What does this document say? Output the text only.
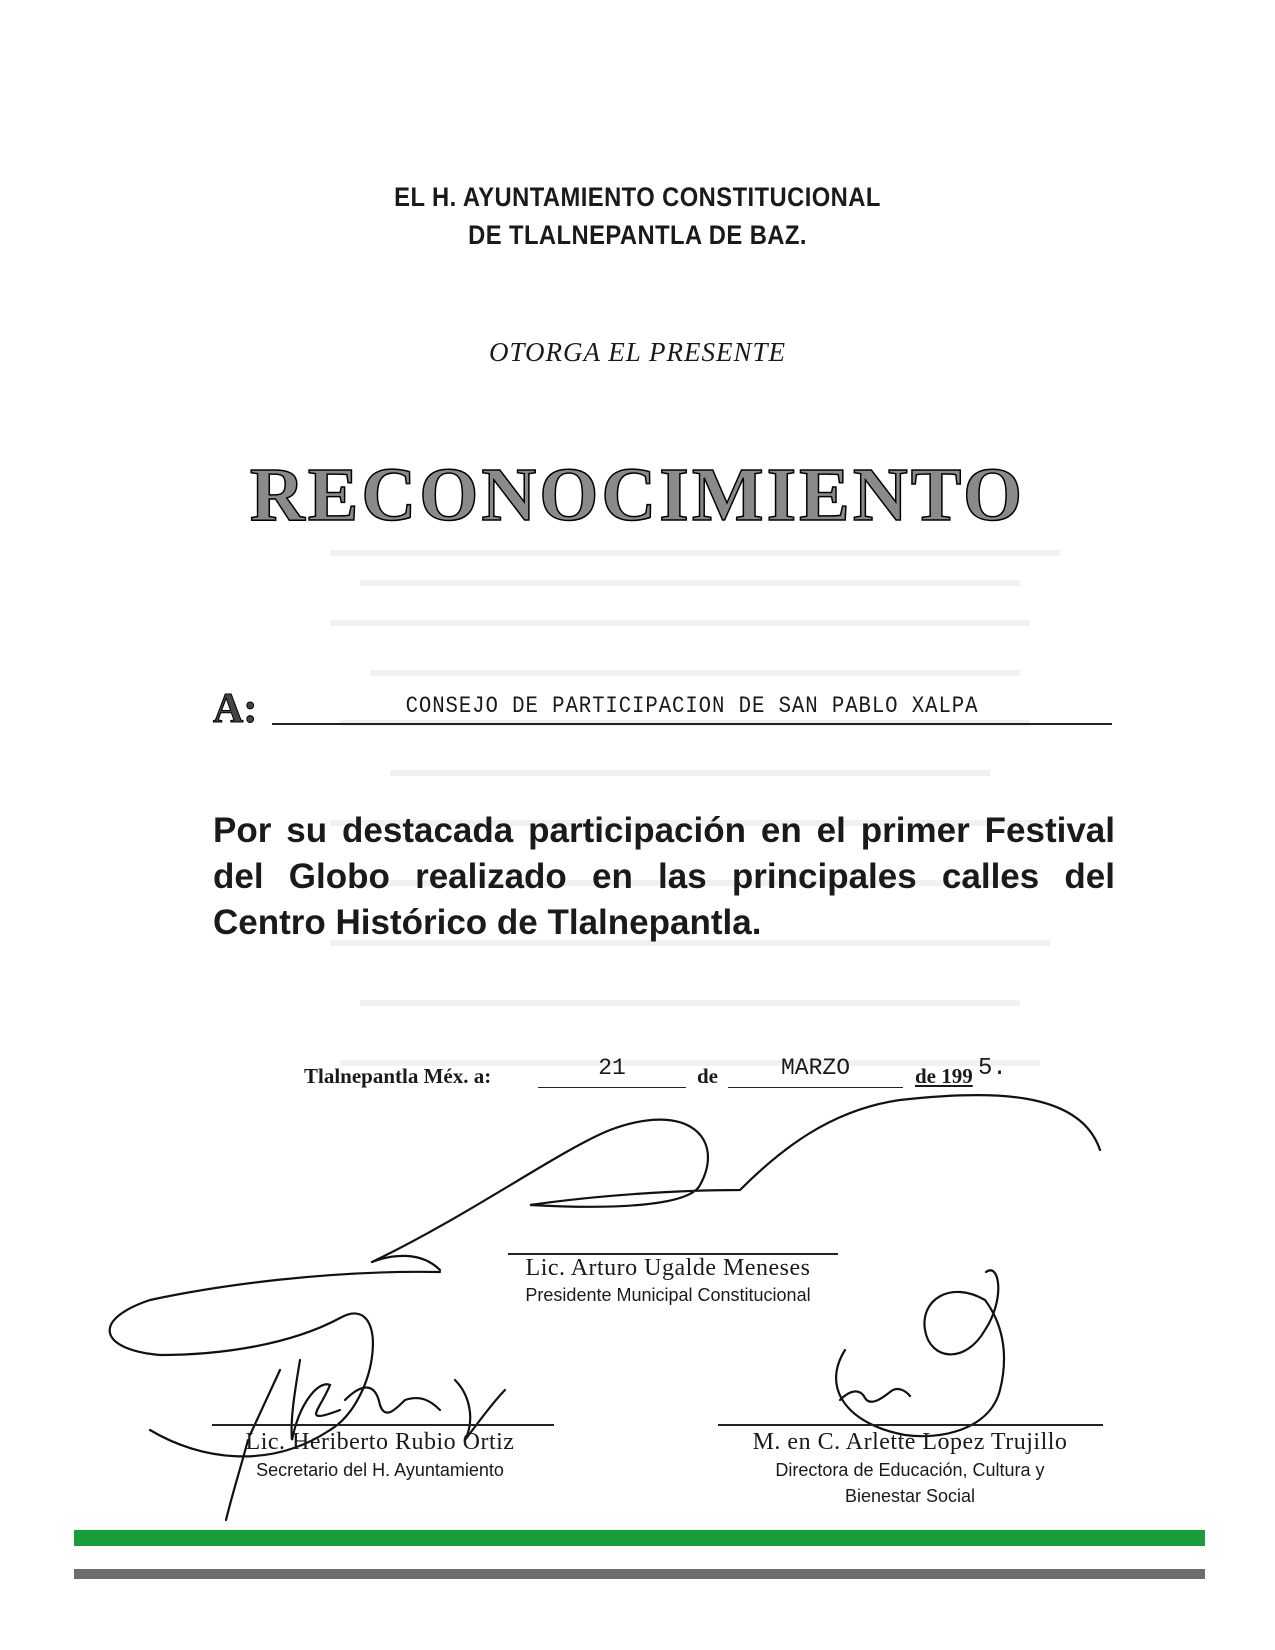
EL H. AYUNTAMIENTO CONSTITUCIONAL
DE TLALNEPANTLA DE BAZ.
OTORGA EL PRESENTE
RECONOCIMIENTO
A:	CONSEJO DE PARTICIPACION DE SAN PABLO XALPA
Por su destacada participación en el primer Festival del Globo realizado en las principales calles del Centro Histórico de Tlalnepantla.
Tlalnepantla Méx. a:	21	de	MARZO	de 199 5.
Lic. Arturo Ugalde Meneses
Presidente Municipal Constitucional
Lic. Heriberto Rubio Ortiz
Secretario del H. Ayuntamiento
M. en C. Arlette Lopez Trujillo
Directora de Educación, Cultura y
Bienestar Social
